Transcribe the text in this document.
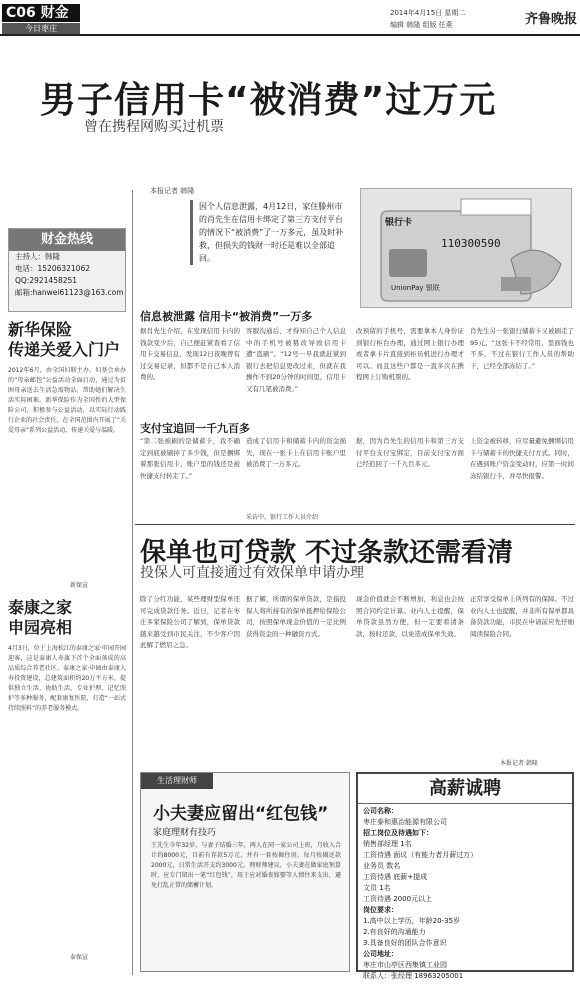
C06 财金
今日枣庄
2014年4月15日 星期二
编辑 韩隆 组版 任燕	齐鲁晚报
男子信用卡“被消费”过万元
曾在携程网购买过机票
财金热线
主持人：韩隆
电话：15206321062
QQ:2921458251
邮箱:hanwei61123@163.com
新华保险
传递关爱入门户
2012年6月，由全国妇联主办，妇基会承办的“母亲邮包”公益活动全面启动，通过为贫困母亲送去生活急需物品，帮助她们解决生活实际困难。新华保险作为全国性的大型保险公司，积极参与公益活动，以实际行动践行企业的社会责任，在全国范围内开展了“关爱母亲”系列公益活动，传递关爱与温暖。
新保宣
泰康之家
申园亮相
4月3日，位于上海松江的泰康之家·申园开园迎客，这是泰康人寿旗下首个全面落成的高品质综合养老社区。泰康之家·申园由泰康人寿投资建设，总建筑面积约20万平方米，提供独立生活、协助生活、专业护理、记忆照护等多种服务，配套康复医院，打造“一站式持续照料”的养老服务模式。
泰保宣
本报记者 韩隆
因个人信息泄露，4月12日，家住滕州市的肖先生在信用卡绑定了第三方支付平台的情况下“被消费”了一万多元，虽及时补救，但损失的钱财一时还是难以全部追回。
银行卡
UnionPay 银联
110300590
信息被泄露 信用卡“被消费”一万多
据肖先生介绍，在发现信用卡内的钱款变少后，自己便赶紧查看了信用卡交易信息，发现12日夜晚曾有过交易记录，但都不是自己本人消费的。
客服沟通后，才得知自己个人信息中的手机号被篡改导致信用卡遭“盗刷”。“12号一早我就赶紧到银行去把信息更改过来，但就在我操作不到20分钟的时间里，信用卡又有几笔被消费。”
改预留的手机号，需要拿本人身份证到银行柜台办理，通过网上银行办理或者拿卡片直接到柜员机进行办理才可以。而且这些户都是一直多次在携程网上订购机票的。
肖先生另一张银行储蓄卡又被刷走了95元。“这张卡不经常用，里面钱也不多，不过在银行工作人员的帮助下，已经全部冻结了。”
支付宝追回一千九百多
“第二张被刷的是储蓄卡，我不确定到底被刷掉了多少钱，但是捆绑着那张信用卡，账户里的钱还是被快捷支付转走了。”
造成了信用卡和储蓄卡内的资金损失，现在一张卡上在信用卡账户里被消费了一万多元。
据，因为肖先生的信用卡和第三方支付平台支付宝绑定，目前支付宝方面已经追回了一千九百多元。
上资金被转移，应尽量避免捆绑信用卡与储蓄卡的快捷支付方式。同时，在遇到账户资金变动时，应第一时间冻结银行卡，并尽快报警。
采访中，银行工作人员介绍
保单也可贷款 不过条款还需看清
投保人可直接通过有效保单申请办理
除了分红功能，某些理财型保单还可完成贷款任务。近日，记者在枣庄多家保险公司了解到，保单贷款越来越受到市民关注，不少客户因此解了燃眉之急。
据了解，所谓的保单贷款，是指投保人将所持有的保单抵押给保险公司，按照保单现金价值的一定比例获得资金的一种融资方式。
现金价值就会不断增加，利息也会按照合同约定计算。业内人士提醒，保单贷款虽然方便，但一定要看清条款，按时还款，以免造成保单失效。
正常享受保单上所列有的保障。不过业内人士也提醒，并非所有保单都具备贷款功能，市民在申请前应先仔细阅读保险合同。
本报记者 韩隆
生活理财师
小夫妻应留出“红包钱”
家庭理财有技巧
王先生今年32岁，与妻子结婚三年，两人在同一家公司上班，月收入合计约8000元，目前有存款5万元，并有一套按揭住房。每月按揭还款2000元，日常生活开支约3000元。理财师建议，小夫妻在做家庭预算时，应专门留出一笔“红包钱”，用于应对婚丧嫁娶等人情往来支出，避免打乱正常的储蓄计划。
高薪诚聘
公司名称：
枣庄泰和惠治能源有限公司
招工岗位及待遇如下：
销售部经理 1名
工资待遇 面议（有能力者月薪过万）
业务员 数名
工资待遇 底薪+提成
文员 1名
工资待遇 2000元以上
岗位要求：
1.高中以上学历，年龄20-35岁
2.有良好的沟通能力
3.具备良好的团队合作意识
公司地址：
枣庄市山亭区西集镇工业园
联系人：张经理 18963205001
